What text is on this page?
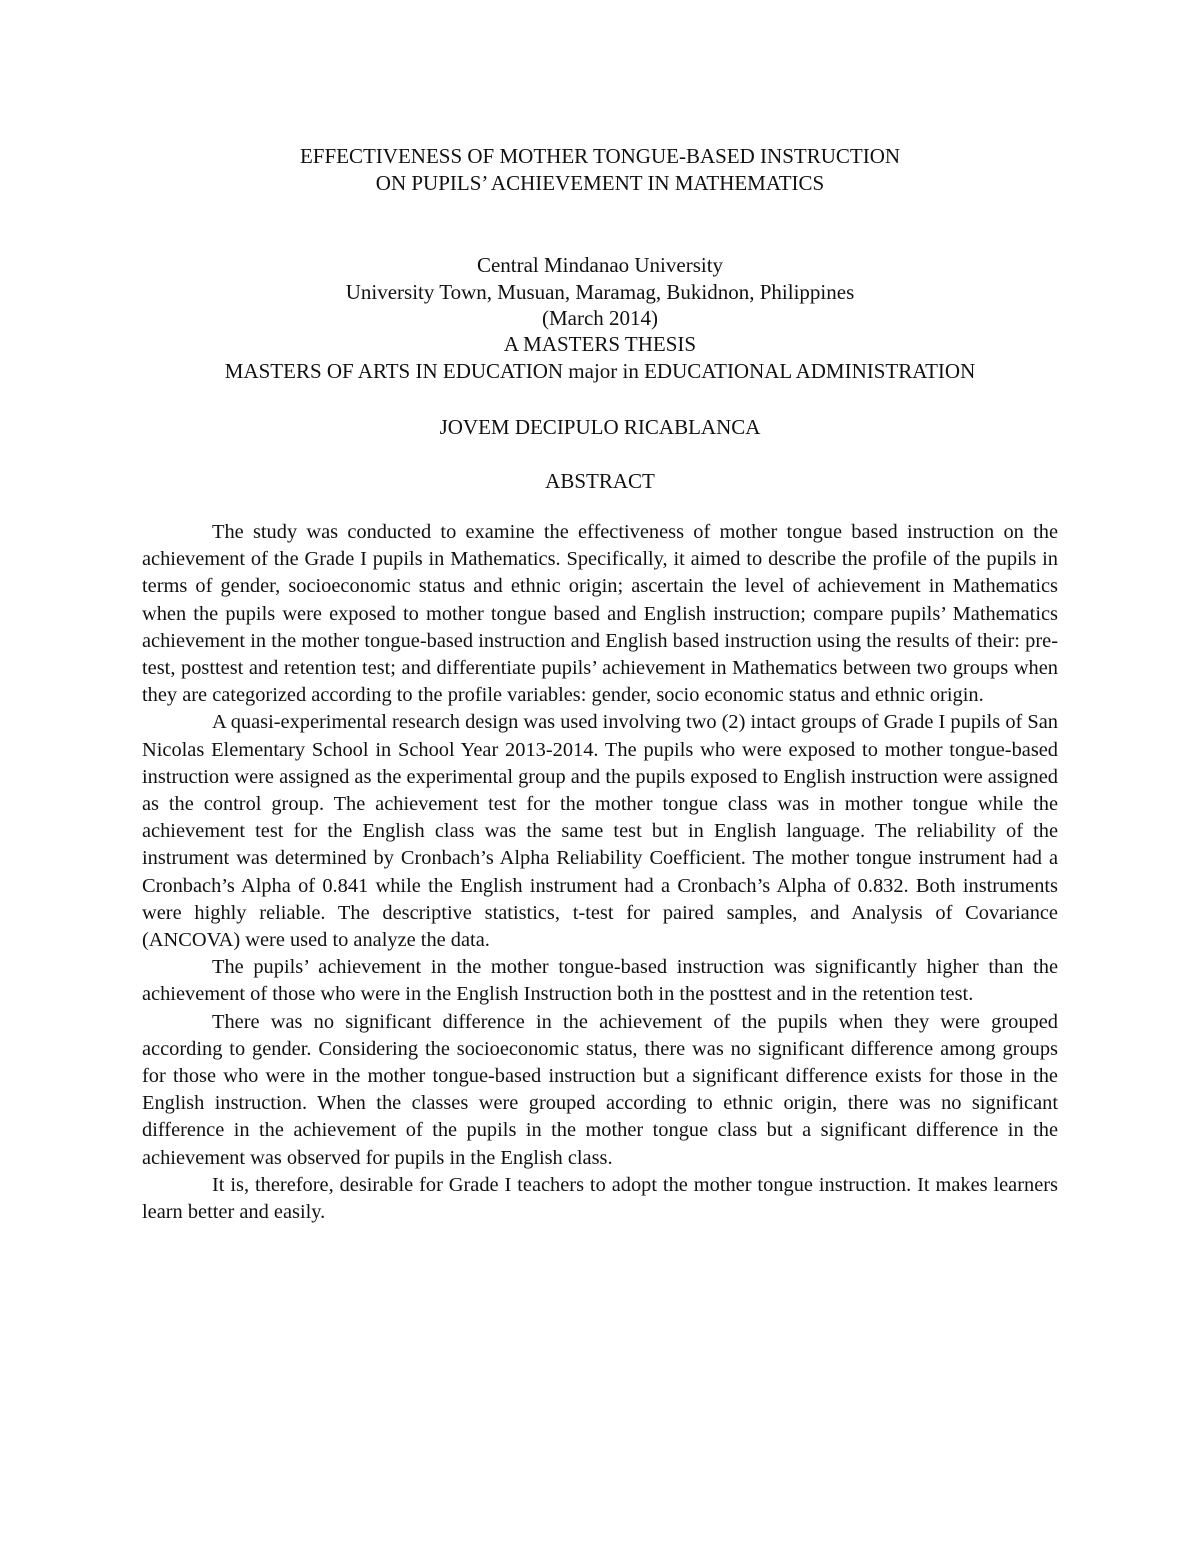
EFFECTIVENESS OF MOTHER TONGUE-BASED INSTRUCTION
ON PUPILS’ ACHIEVEMENT IN MATHEMATICS
Central Mindanao University
University Town, Musuan, Maramag, Bukidnon, Philippines
(March 2014)
A MASTERS THESIS
MASTERS OF ARTS IN EDUCATION major in EDUCATIONAL ADMINISTRATION
JOVEM DECIPULO RICABLANCA
ABSTRACT

The study was conducted to examine the effectiveness of mother tongue based instruction on the achievement of the Grade I pupils in Mathematics. Specifically, it aimed to describe the profile of the pupils in terms of gender, socioeconomic status and ethnic origin; ascertain the level of achievement in Mathematics when the pupils were exposed to mother tongue based and English instruction; compare pupils’ Mathematics achievement in the mother tongue-based instruction and English based instruction using the results of their: pre-test, posttest and retention test; and differentiate pupils’ achievement in Mathematics between two groups when they are categorized according to the profile variables: gender, socio economic status and ethnic origin.

A quasi-experimental research design was used involving two (2) intact groups of Grade I pupils of San Nicolas Elementary School in School Year 2013-2014. The pupils who were exposed to mother tongue-based instruction were assigned as the experimental group and the pupils exposed to English instruction were assigned as the control group. The achievement test for the mother tongue class was in mother tongue while the achievement test for the English class was the same test but in English language. The reliability of the instrument was determined by Cronbach’s Alpha Reliability Coefficient. The mother tongue instrument had a Cronbach’s Alpha of 0.841 while the English instrument had a Cronbach’s Alpha of 0.832. Both instruments were highly reliable. The descriptive statistics, t-test for paired samples, and Analysis of Covariance (ANCOVA) were used to analyze the data.

The pupils’ achievement in the mother tongue-based instruction was significantly higher than the achievement of those who were in the English Instruction both in the posttest and in the retention test.

There was no significant difference in the achievement of the pupils when they were grouped according to gender. Considering the socioeconomic status, there was no significant difference among groups for those who were in the mother tongue-based instruction but a significant difference exists for those in the English instruction. When the classes were grouped according to ethnic origin, there was no significant difference in the achievement of the pupils in the mother tongue class but a significant difference in the achievement was observed for pupils in the English class.

It is, therefore, desirable for Grade I teachers to adopt the mother tongue instruction. It makes learners learn better and easily.
